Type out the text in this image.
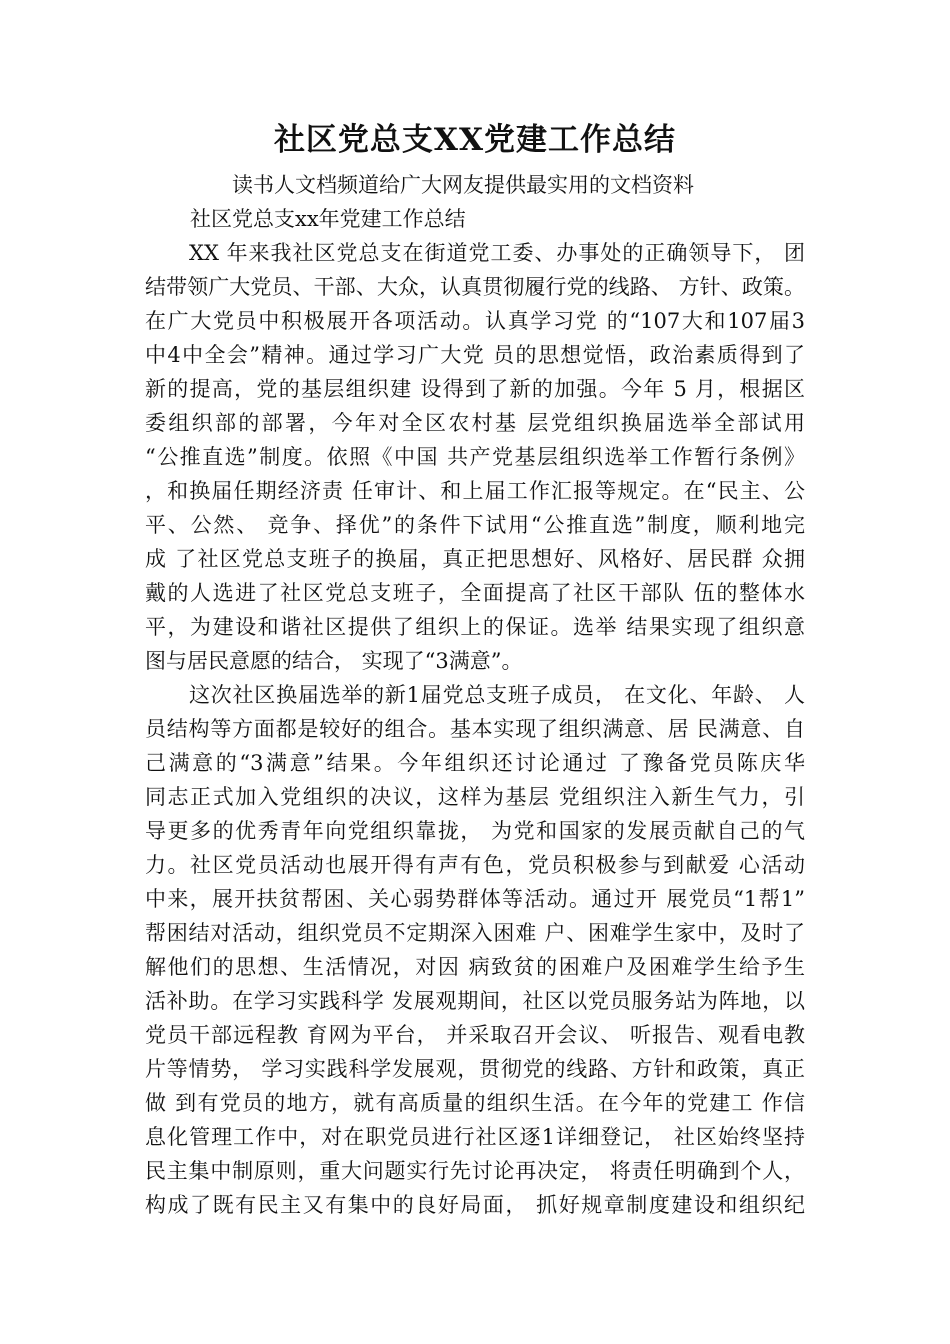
社区党总支XX党建工作总结
读书人文档频道给广大网友提供最实用的文档资料
社区党总支xx年党建工作总结
XX 年来我社区党总支在街道党工委、办事处的正确领导下， 团
结带领广大党员、干部、大众，认真贯彻履行党的线路、 方针、政策。
在广大党员中积极展开各项活动。认真学习党 的“107大和107届3
中4中全会”精神。通过学习广大党 员的思想觉悟，政治素质得到了
新的提高，党的基层组织建 设得到了新的加强。今年 5 月，根据区
委组织部的部署，今年对全区农村基 层党组织换届选举全部试用
“公推直选”制度。依照《中国 共产党基层组织选举工作暂行条例》
，和换届任期经济责 任审计、和上届工作汇报等规定。在“民主、公
平、公然、 竞争、择优”的条件下试用“公推直选”制度，顺利地完
成 了社区党总支班子的换届，真正把思想好、风格好、居民群 众拥
戴的人选进了社区党总支班子，全面提高了社区干部队 伍的整体水
平，为建设和谐社区提供了组织上的保证。选举 结果实现了组织意
图与居民意愿的结合， 实现了“3满意”。
这次社区换届选举的新1届党总支班子成员， 在文化、年龄、 人
员结构等方面都是较好的组合。基本实现了组织满意、居 民满意、自
己满意的“3满意”结果。今年组织还讨论通过 了豫备党员陈庆华
同志正式加入党组织的决议，这样为基层 党组织注入新生气力，引
导更多的优秀青年向党组织靠拢， 为党和国家的发展贡献自己的气
力。社区党员活动也展开得有声有色，党员积极参与到献爱 心活动
中来，展开扶贫帮困、关心弱势群体等活动。通过开 展党员“1帮1”
帮困结对活动，组织党员不定期深入困难 户、困难学生家中，及时了
解他们的思想、生活情况，对因 病致贫的困难户及困难学生给予生
活补助。在学习实践科学 发展观期间，社区以党员服务站为阵地，以
党员干部远程教 育网为平台， 并采取召开会议、 听报告、观看电教
片等情势， 学习实践科学发展观，贯彻党的线路、方针和政策，真正
做 到有党员的地方，就有高质量的组织生活。在今年的党建工 作信
息化管理工作中，对在职党员进行社区逐1详细登记， 社区始终坚持
民主集中制原则，重大问题实行先讨论再决定， 将责任明确到个人，
构成了既有民主又有集中的良好局面， 抓好规章制度建设和组织纪
